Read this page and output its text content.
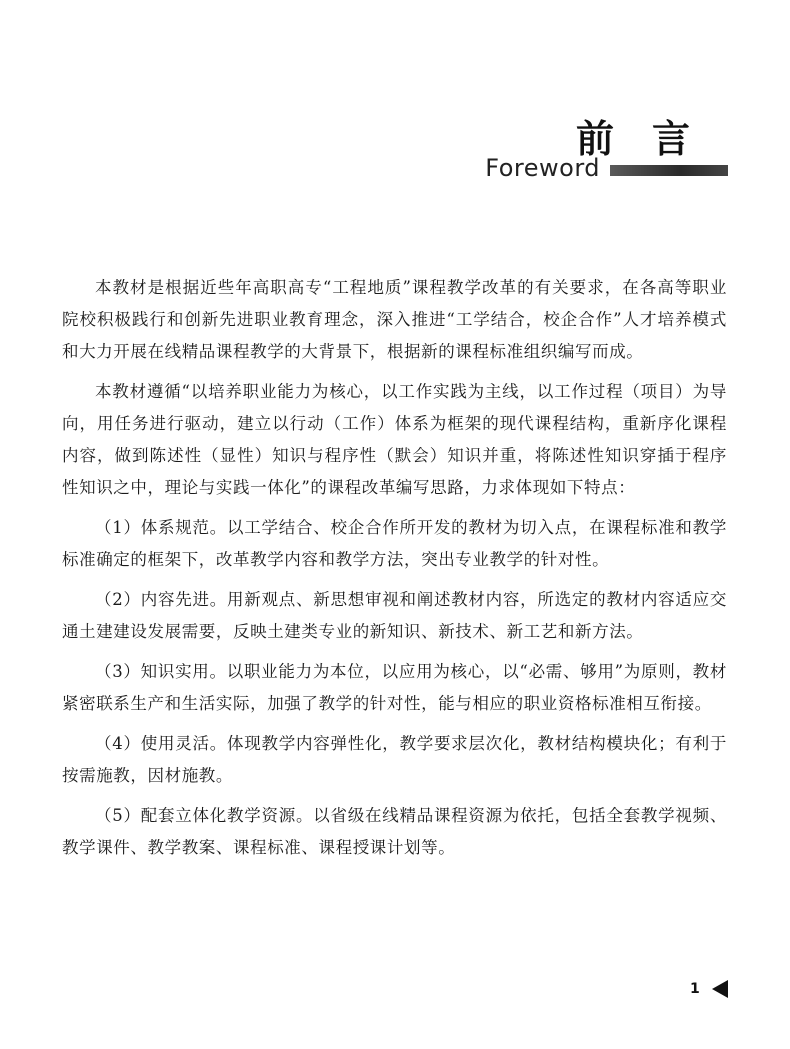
前言
Foreword

本教材是根据近些年高职高专“工程地质”课程教学改革的有关要求，在各高等职业院校积极践行和创新先进职业教育理念，深入推进“工学结合，校企合作”人才培养模式和大力开展在线精品课程教学的大背景下，根据新的课程标准组织编写而成。

本教材遵循“以培养职业能力为核心，以工作实践为主线，以工作过程（项目）为导向，用任务进行驱动，建立以行动（工作）体系为框架的现代课程结构，重新序化课程内容，做到陈述性（显性）知识与程序性（默会）知识并重，将陈述性知识穿插于程序性知识之中，理论与实践一体化”的课程改革编写思路，力求体现如下特点：

（1）体系规范。以工学结合、校企合作所开发的教材为切入点，在课程标准和教学标准确定的框架下，改革教学内容和教学方法，突出专业教学的针对性。

（2）内容先进。用新观点、新思想审视和阐述教材内容，所选定的教材内容适应交通土建建设发展需要，反映土建类专业的新知识、新技术、新工艺和新方法。

（3）知识实用。以职业能力为本位，以应用为核心，以“必需、够用”为原则，教材紧密联系生产和生活实际，加强了教学的针对性，能与相应的职业资格标准相互衔接。

（4）使用灵活。体现教学内容弹性化，教学要求层次化，教材结构模块化；有利于按需施教，因材施教。

（5）配套立体化教学资源。以省级在线精品课程资源为依托，包括全套教学视频、教学课件、教学教案、课程标准、课程授课计划等。

1
